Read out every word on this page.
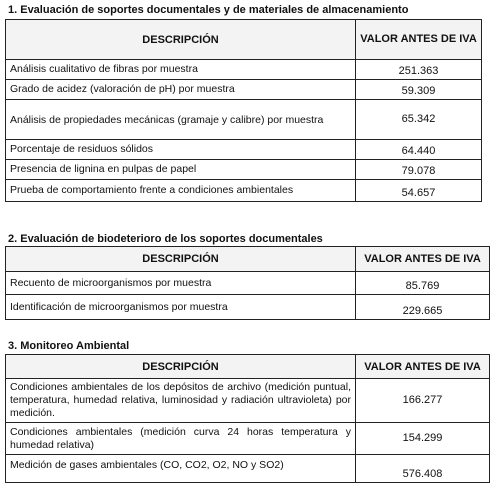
1. Evaluación de soportes documentales y de materiales de almacenamiento
DESCRIPCIÓN	VALOR ANTES DE IVA
Análisis cualitativo de fibras por muestra	251.363
Grado de acidez (valoración de pH) por muestra	59.309
Análisis de propiedades mecánicas (gramaje y calibre) por muestra	65.342
Porcentaje de residuos sólidos	64.440
Presencia de lignina en pulpas de papel	79.078
Prueba de comportamiento frente a condiciones ambientales	54.657
2. Evaluación de biodeterioro de los soportes documentales
DESCRIPCIÓN	VALOR ANTES DE IVA
Recuento de microorganismos por muestra	85.769
Identificación de microorganismos por muestra	229.665
3. Monitoreo Ambiental
DESCRIPCIÓN	VALOR ANTES DE IVA
Condiciones ambientales de los depósitos de archivo (medición puntual, temperatura, humedad relativa, luminosidad y radiación ultravioleta) por medición.	166.277
Condiciones ambientales (medición curva 24 horas temperatura y humedad relativa)	154.299
Medición de gases ambientales (CO, CO2, O2, NO y SO2)	576.408
